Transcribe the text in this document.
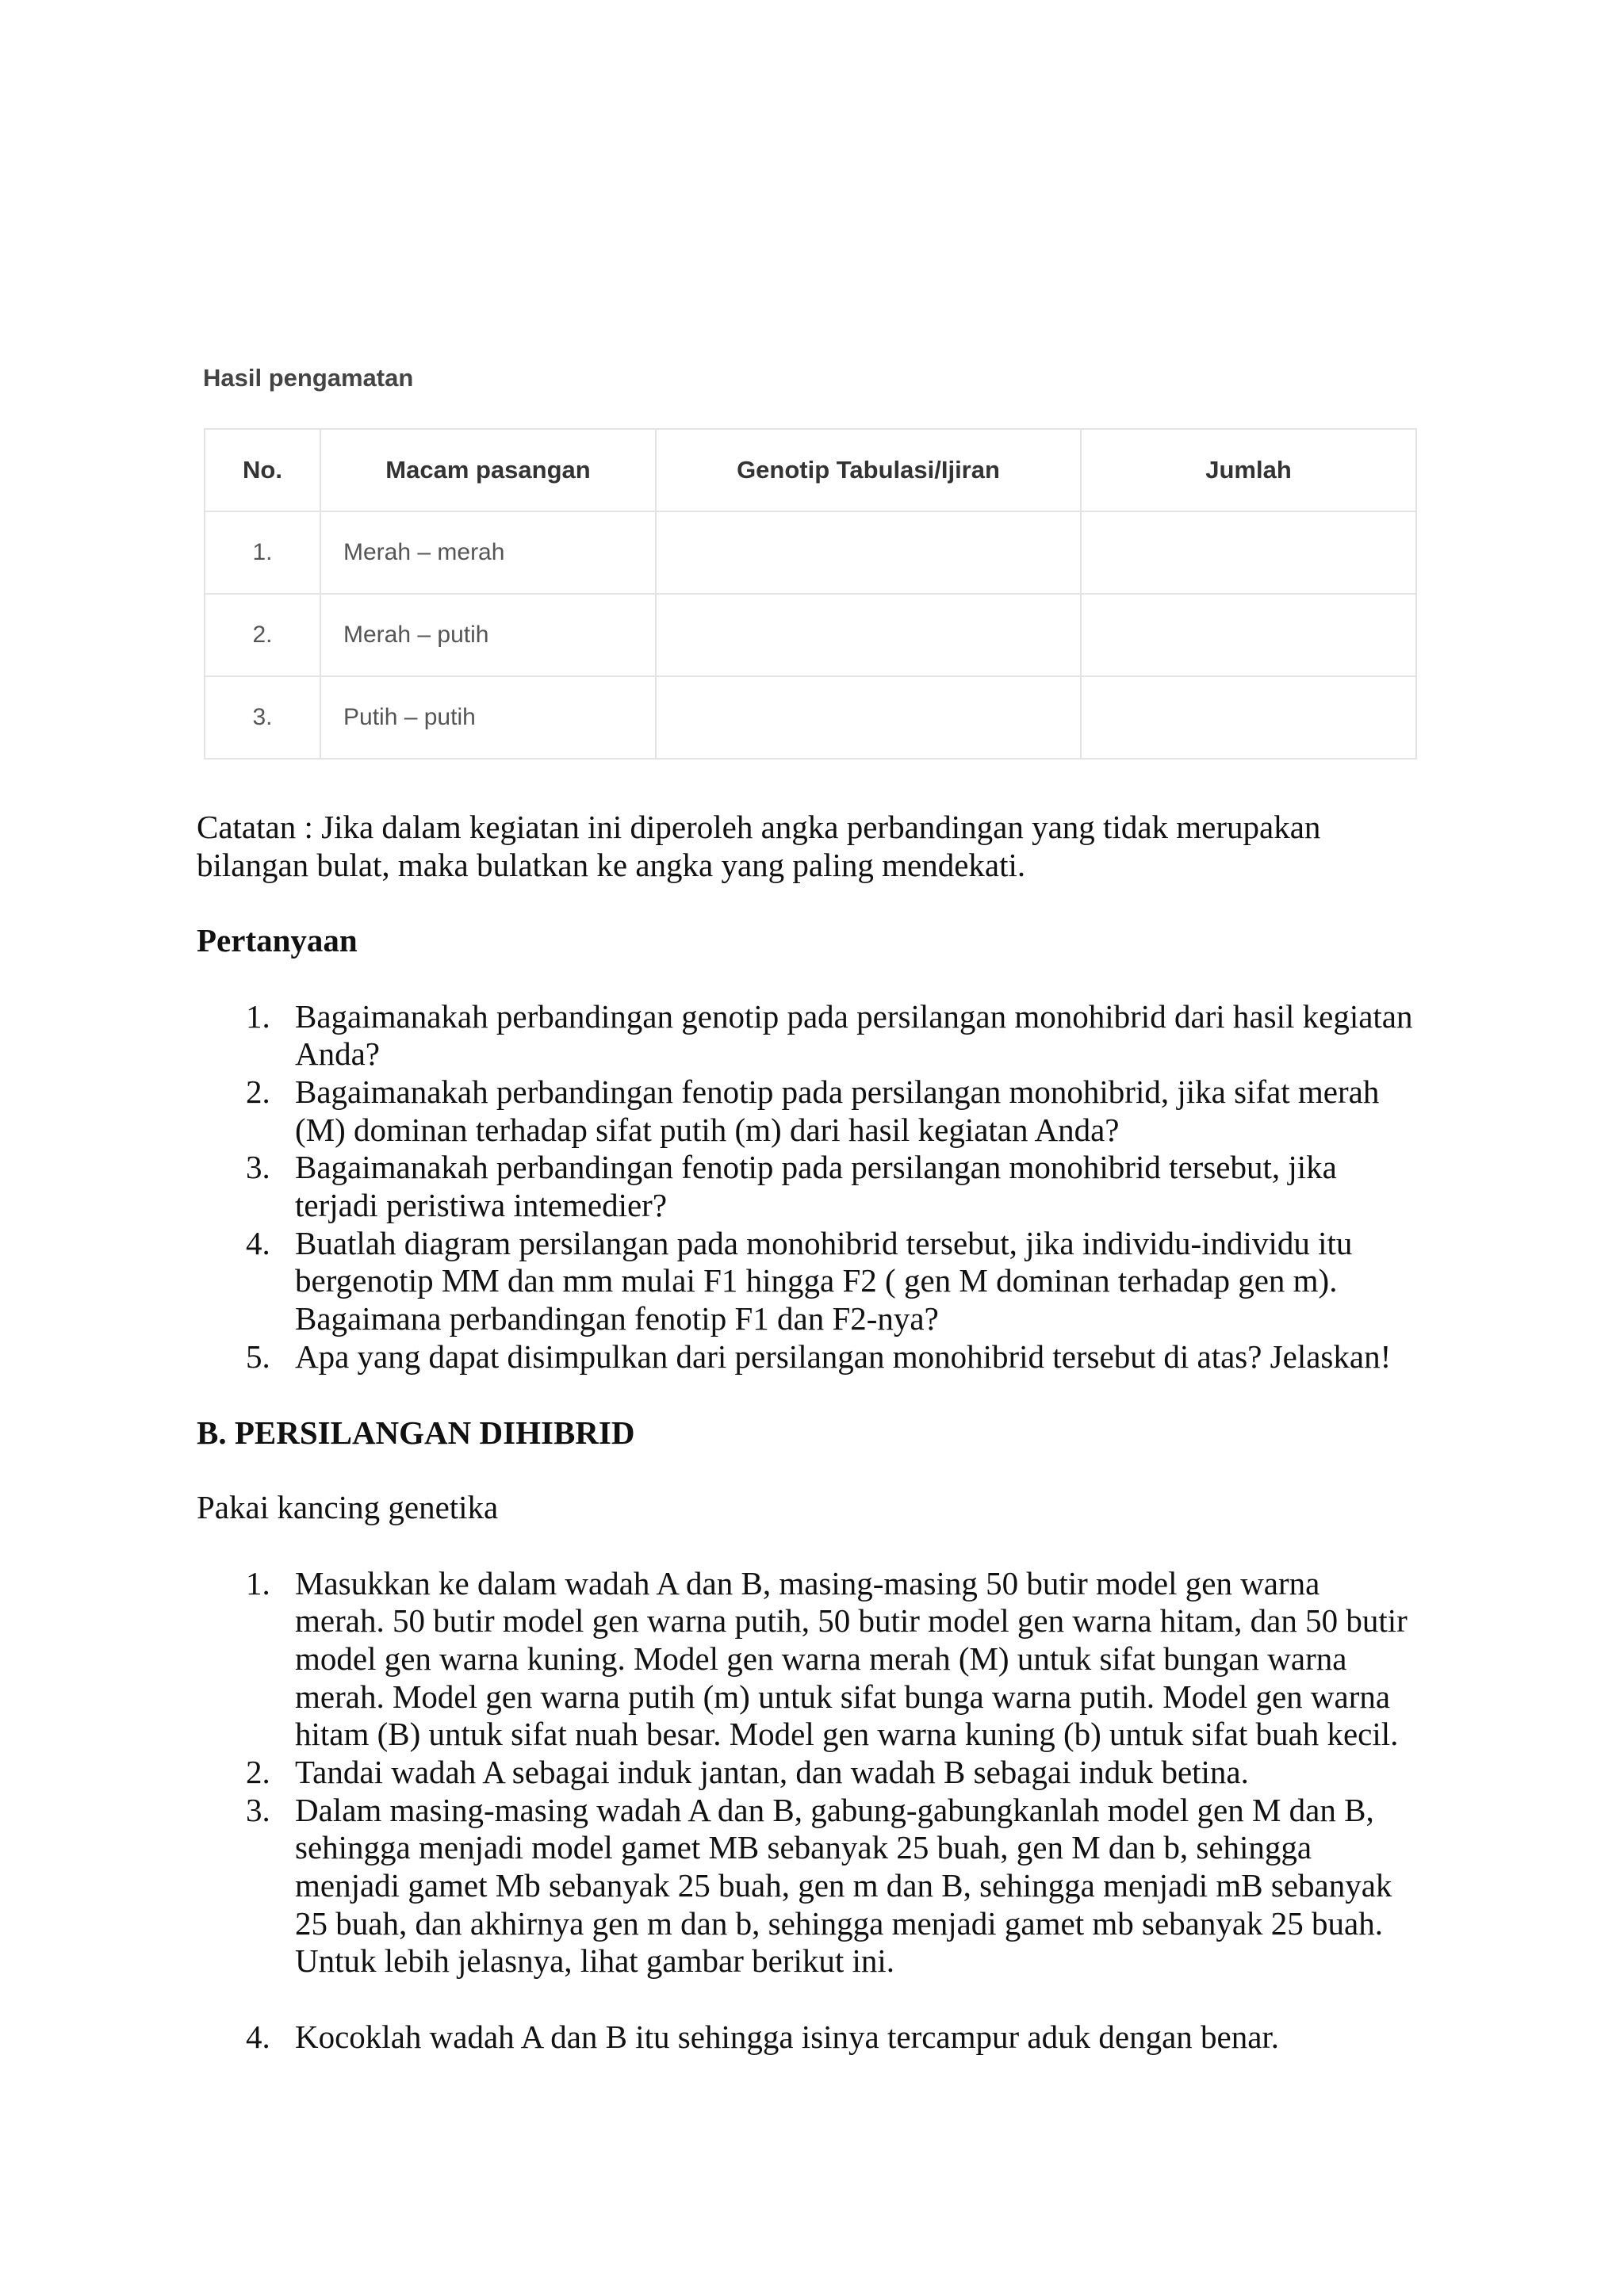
Hasil pengamatan
No.	Macam pasangan	Genotip Tabulasi/Ijiran	Jumlah
1.	Merah – merah		
2.	Merah – putih		
3.	Putih – putih		
Catatan : Jika dalam kegiatan ini diperoleh angka perbandingan yang tidak merupakan
bilangan bulat, maka bulatkan ke angka yang paling mendekati.
Pertanyaan
1. Bagaimanakah perbandingan genotip pada persilangan monohibrid dari hasil kegiatan
Anda?
2. Bagaimanakah perbandingan fenotip pada persilangan monohibrid, jika sifat merah
(M) dominan terhadap sifat putih (m) dari hasil kegiatan Anda?
3. Bagaimanakah perbandingan fenotip pada persilangan monohibrid tersebut, jika
terjadi peristiwa intemedier?
4. Buatlah diagram persilangan pada monohibrid tersebut, jika individu-individu itu
bergenotip MM dan mm mulai F1 hingga F2 ( gen M dominan terhadap gen m).
Bagaimana perbandingan fenotip F1 dan F2-nya?
5. Apa yang dapat disimpulkan dari persilangan monohibrid tersebut di atas? Jelaskan!
B. PERSILANGAN DIHIBRID
Pakai kancing genetika
1. Masukkan ke dalam wadah A dan B, masing-masing 50 butir model gen warna
merah. 50 butir model gen warna putih, 50 butir model gen warna hitam, dan 50 butir
model gen warna kuning. Model gen warna merah (M) untuk sifat bungan warna
merah. Model gen warna putih (m) untuk sifat bunga warna putih. Model gen warna
hitam (B) untuk sifat nuah besar. Model gen warna kuning (b) untuk sifat buah kecil.
2. Tandai wadah A sebagai induk jantan, dan wadah B sebagai induk betina.
3. Dalam masing-masing wadah A dan B, gabung-gabungkanlah model gen M dan B,
sehingga menjadi model gamet MB sebanyak 25 buah, gen M dan b, sehingga
menjadi gamet Mb sebanyak 25 buah, gen m dan B, sehingga menjadi mB sebanyak
25 buah, dan akhirnya gen m dan b, sehingga menjadi gamet mb sebanyak 25 buah.
Untuk lebih jelasnya, lihat gambar berikut ini.
4. Kocoklah wadah A dan B itu sehingga isinya tercampur aduk dengan benar.
